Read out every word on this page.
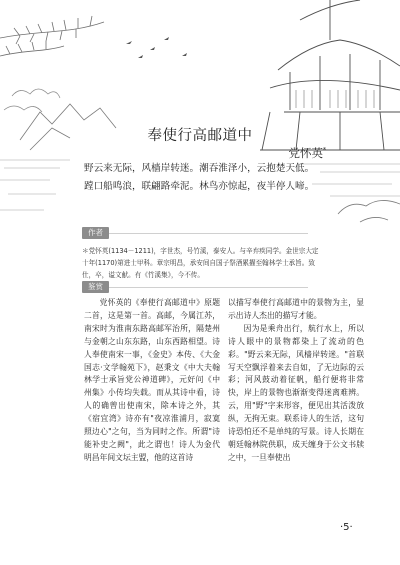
奉使行高邮道中
党怀英*
野云来无际，风樯岸转迷。潮吞淮泽小，云抱楚天低。
蹚口船鸣浪，联翩路牵泥。林鸟亦惊起，夜半停人啼。
作者

＊党怀英(1134－1211)，字世杰，号竹溪，泰安人。与辛弃疾同学。金世宗大定十年(1170)第进士甲科。章宗明昌，承安间自国子祭酒累擢至翰林学士承旨。致仕，卒，谥文献。有《竹溪集》，今不传。

鉴赏

党怀英的《奉使行高邮道中》原题二首，这是第一首。高邮，今属江苏，南宋时为淮南东路高邮军治所，隔楚州与金朝之山东东路，山东西路相望。诗人奉使南宋一事，《金史》本传、《大金国志·文学翰苑下》，赵秉文《中大夫翰林学士承旨党公神道碑》，元好问《中州集》小传均失载。而从其诗中看，诗人的确曾出使南宋，除本诗之外，其《宿宜湾》诗亦有"夜凉淮浦月，寂寞照边心"之句，当为同时之作。所谓"诗能补史之阙"，此之谓也！诗人为金代明昌年间文坛主盟，他的这首诗

以描写奉使行高邮道中的景物为主，显示出诗人杰出的描写才能。

因为是乘舟出行，航行水上，所以诗人眼中的景物都染上了流动的色彩。"野云来无际，风樯岸转迷。"首联写天空飘浮着来去自如，了无边际的云彩；河风鼓动着征帆，船行便将非常快，岸上的景物也渐渐变得迷离难辨。云，用"野"字来形容，便见出其活泼放纵，无拘无束。联系诗人的生活，这句诗恐怕还不是单纯的写景。诗人长期在朝廷翰林院供职，成天缠身于公文书牍之中，一旦奉使出

·5·
